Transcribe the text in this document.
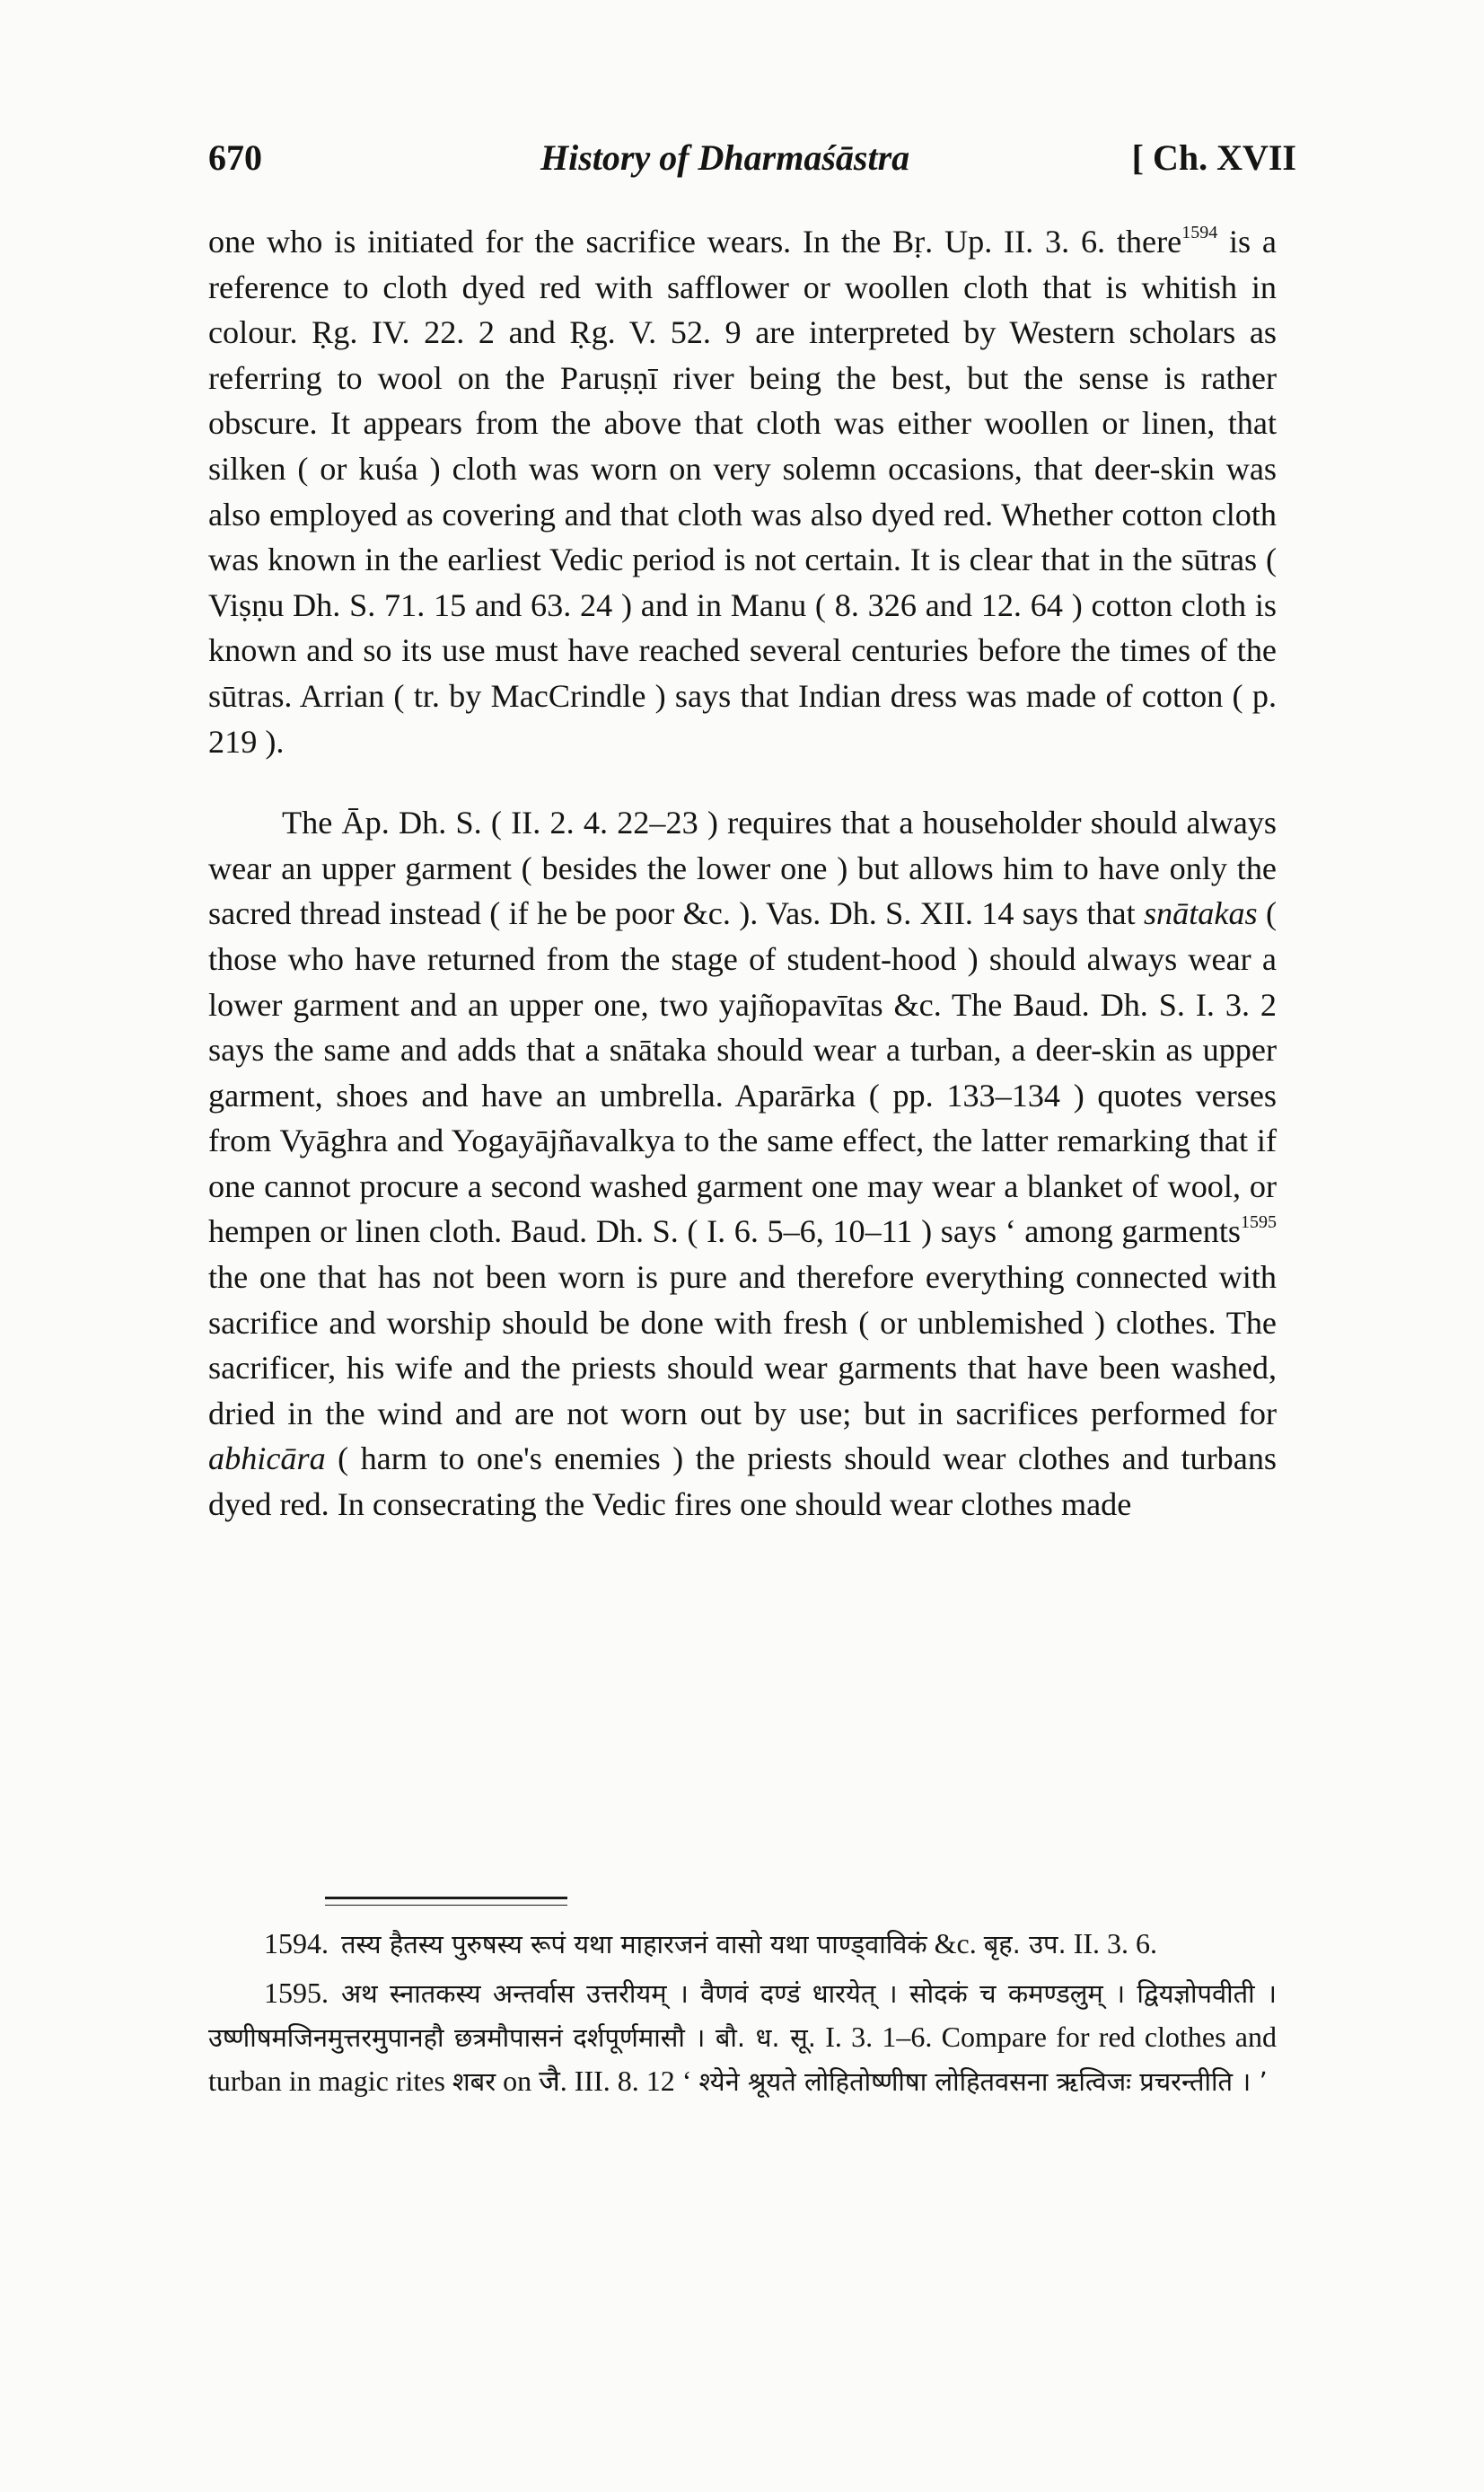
670	History of Dharmaśāstra	[ Ch. XVII

one who is initiated for the sacrifice wears. In the Bṛ. Up. II. 3. 6. there$^{1594}$ is a reference to cloth dyed red with safflower or woollen cloth that is whitish in colour. Ṛg. IV. 22. 2 and Ṛg. V. 52. 9 are interpreted by Western scholars as referring to wool on the Paruṣṇī river being the best, but the sense is rather obscure. It appears from the above that cloth was either woollen or linen, that silken ( or kuśa ) cloth was worn on very solemn occasions, that deer-skin was also employed as covering and that cloth was also dyed red. Whether cotton cloth was known in the earliest Vedic period is not certain. It is clear that in the sūtras ( Viṣṇu Dh. S. 71. 15 and 63. 24 ) and in Manu ( 8. 326 and 12. 64 ) cotton cloth is known and so its use must have reached several centuries before the times of the sūtras. Arrian ( tr. by MacCrindle ) says that Indian dress was made of cotton ( p. 219 ).

The Āp. Dh. S. ( II. 2. 4. 22–23 ) requires that a householder should always wear an upper garment ( besides the lower one ) but allows him to have only the sacred thread instead ( if he be poor &c. ). Vas. Dh. S. XII. 14 says that snātakas ( those who have returned from the stage of student-hood ) should always wear a lower garment and an upper one, two yajñopavītas &c. The Baud. Dh. S. I. 3. 2 says the same and adds that a snātaka should wear a turban, a deer-skin as upper garment, shoes and have an umbrella. Aparārka ( pp. 133–134 ) quotes verses from Vyāghra and Yogayājñavalkya to the same effect, the latter remarking that if one cannot procure a second washed garment one may wear a blanket of wool, or hempen or linen cloth. Baud. Dh. S. ( I. 6. 5–6, 10–11 ) says ‘ among garments$^{1595}$ the one that has not been worn is pure and therefore everything connected with sacrifice and worship should be done with fresh ( or unblemished ) clothes. The sacrificer, his wife and the priests should wear garments that have been washed, dried in the wind and are not worn out by use; but in sacrifices performed for abhicāra ( harm to one's enemies ) the priests should wear clothes and turbans dyed red. In consecrating the Vedic fires one should wear clothes made

1594. तस्य हैतस्य पुरुषस्य रूपं यथा माहारजनं वासो यथा पाण्ड्वाविकं &c. बृह. उप. II. 3. 6.

1595. अथ स्नातकस्य अन्तर्वास उत्तरीयम् । वैणवं दण्डं धारयेत् । सोदकं च कमण्डलुम् । द्वियज्ञोपवीती । उष्णीषमजिनमुत्तरमुपानहौ छत्रमौपासनं दर्शपूर्णमासौ । बौ. ध. सू. I. 3. 1–6. Compare for red clothes and turban in magic rites शबर on जै. III. 8. 12 ‘ श्येने श्रूयते लोहितोष्णीषा लोहितवसना ऋत्विजः प्रचरन्तीति । ’
